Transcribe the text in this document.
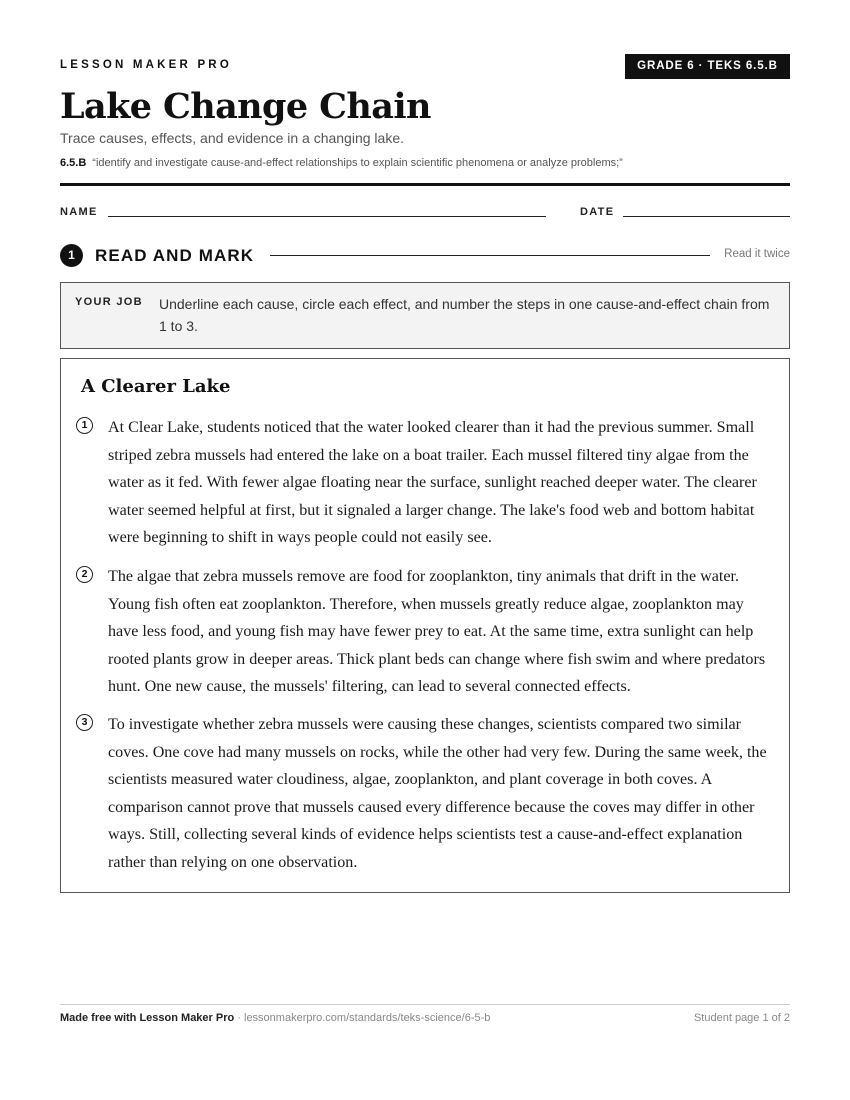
LESSON MAKER PRO	GRADE 6 · TEKS 6.5.B
Lake Change Chain
Trace causes, effects, and evidence in a changing lake.
6.5.B “identify and investigate cause-and-effect relationships to explain scientific phenomena or analyze problems;”
NAME	DATE
1	READ AND MARK	Read it twice
YOUR JOB Underline each cause, circle each effect, and number the steps in one cause-and-effect chain from 1 to 3.
A Clearer Lake
1	At Clear Lake, students noticed that the water looked clearer than it had the previous summer. Small striped zebra mussels had entered the lake on a boat trailer. Each mussel filtered tiny algae from the water as it fed. With fewer algae floating near the surface, sunlight reached deeper water. The clearer water seemed helpful at first, but it signaled a larger change. The lake's food web and bottom habitat were beginning to shift in ways people could not easily see.

2	The algae that zebra mussels remove are food for zooplankton, tiny animals that drift in the water. Young fish often eat zooplankton. Therefore, when mussels greatly reduce algae, zooplankton may have less food, and young fish may have fewer prey to eat. At the same time, extra sunlight can help rooted plants grow in deeper areas. Thick plant beds can change where fish swim and where predators hunt. One new cause, the mussels' filtering, can lead to several connected effects.

3	To investigate whether zebra mussels were causing these changes, scientists compared two similar coves. One cove had many mussels on rocks, while the other had very few. During the same week, the scientists measured water cloudiness, algae, zooplankton, and plant coverage in both coves. A comparison cannot prove that mussels caused every difference because the coves may differ in other ways. Still, collecting several kinds of evidence helps scientists test a cause-and-effect explanation rather than relying on one observation.

Made free with Lesson Maker Pro · lessonmakerpro.com/standards/teks-science/6-5-b	Student page 1 of 2
